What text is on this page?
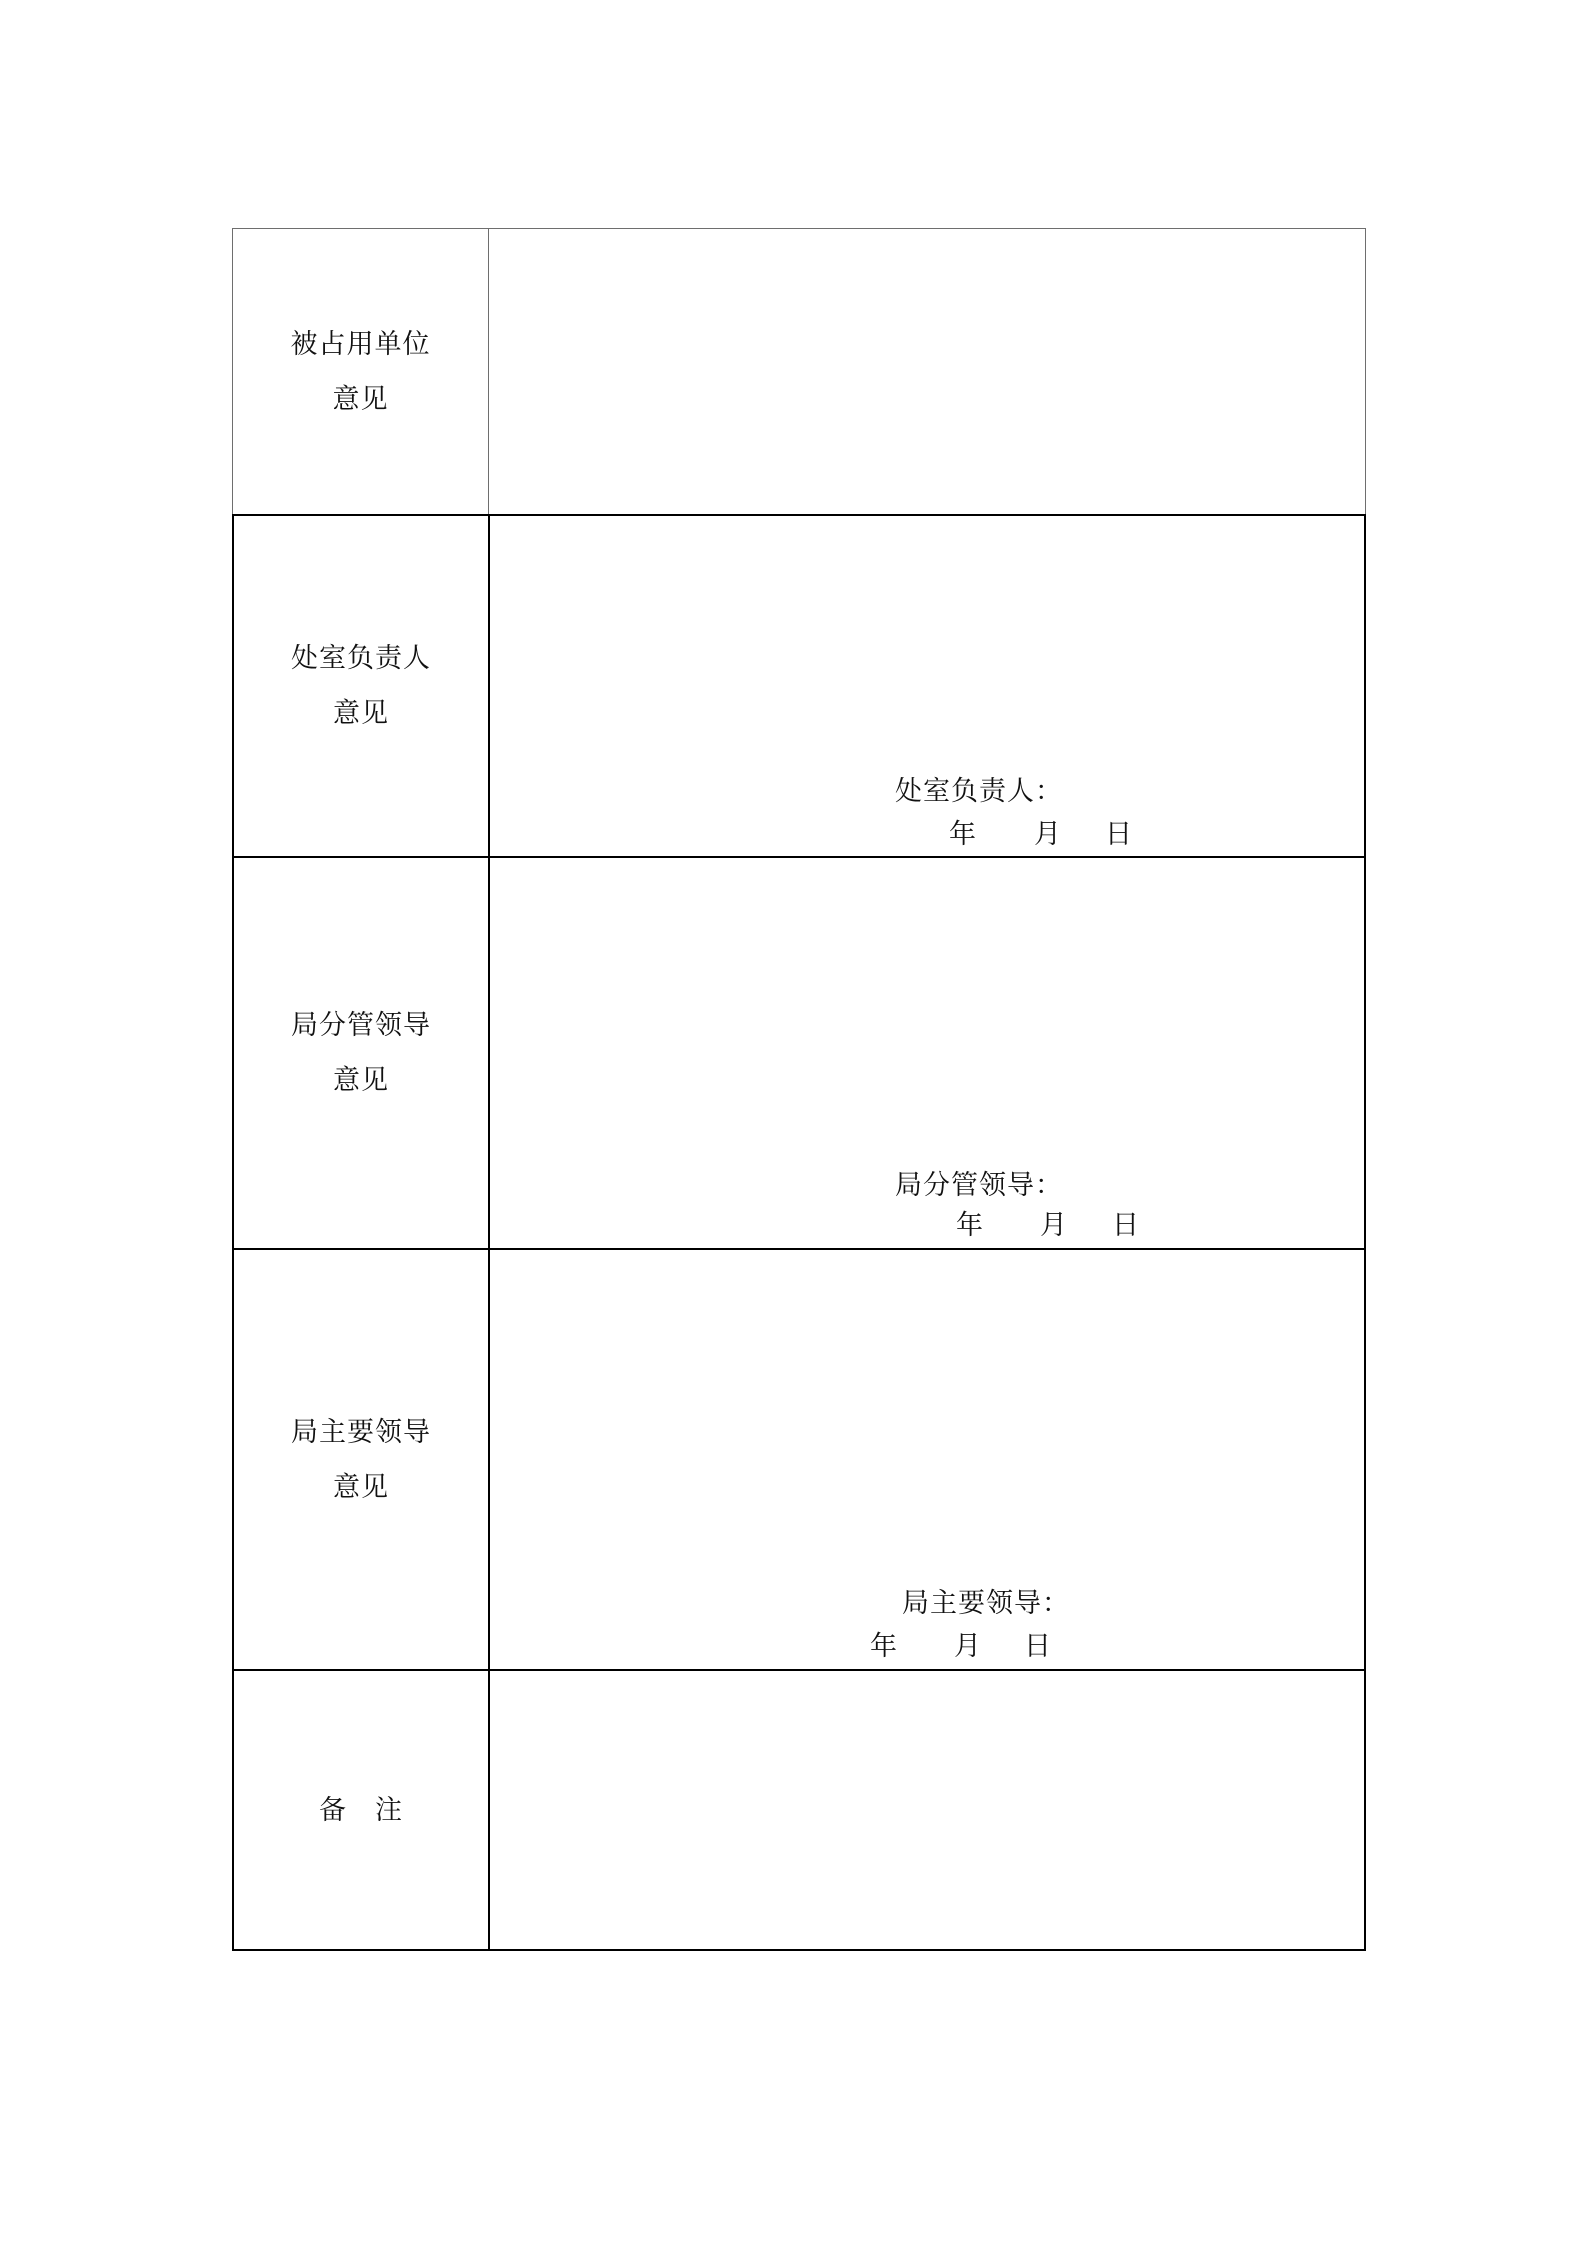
被占用单位
意见
处室负责人
意见
处室负责人：
年 月 日
局分管领导
意见
局分管领导：
年 月 日
局主要领导
意见
局主要领导：
年 月 日
备　注
